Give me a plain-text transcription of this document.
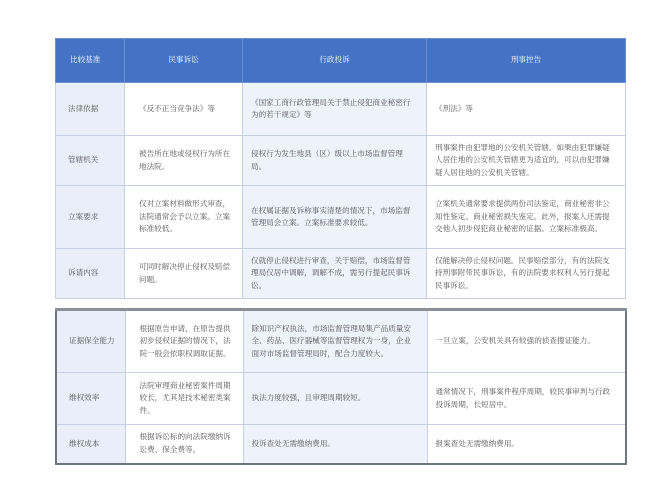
比较基准	民事诉讼	行政投诉	刑事控告
法律依据	《反不正当竞争法》等	《国家工商行政管理局关于禁止侵犯商业秘密行为的若干规定》等	《刑法》等
管辖机关	被告所在地或侵权行为所在地法院。	侵权行为发生地县（区）级以上市场监督管理局。	刑事案件由犯罪地的公安机关管辖。如果由犯罪嫌疑人居住地的公安机关管辖更为适宜的，可以由犯罪嫌疑人居住地的公安机关管辖。
立案要求	仅对立案材料做形式审查，法院通常会予以立案。立案标准较低。	在权属证据及诉称事实清楚的情况下，市场监督管理局会立案。立案标准要求较低。	立案机关通常要求提供两份司法鉴定，商业秘密非公知性鉴定、商业秘密损失鉴定。此外，报案人还需提交他人初步侵犯商业秘密的证据。立案标准极高。
诉请内容	可同时解决停止侵权及赔偿问题。	仅就停止侵权进行审查，关于赔偿，市场监督管理局仅居中调解，调解不成，需另行提起民事诉讼。	仅能解决停止侵权问题。民事赔偿部分，有的法院支持刑事附带民事诉讼，有的法院要求权利人另行提起民事诉讼。
证据保全能力	根据原告申请，在原告提供初步侵权证据的情况下，法院一般会依职权调取证据。	除知识产权执法，市场监督管理局集产品质量安全、药品、医疗器械等监督管理权为一身，企业面对市场监督管理局时，配合力度较大。	一旦立案，公安机关具有较强的侦查搜证能力。
维权效率	法院审理商业秘密案件周期较长，尤其是技术秘密类案件。	执法力度较强，且审理周期较短。	通常情况下，刑事案件程序周期，较民事审判与行政投诉周期，长短居中。
维权成本	根据诉讼标的向法院缴纳诉讼费、保全费等。	投诉查处无需缴纳费用。	报案查处无需缴纳费用。
